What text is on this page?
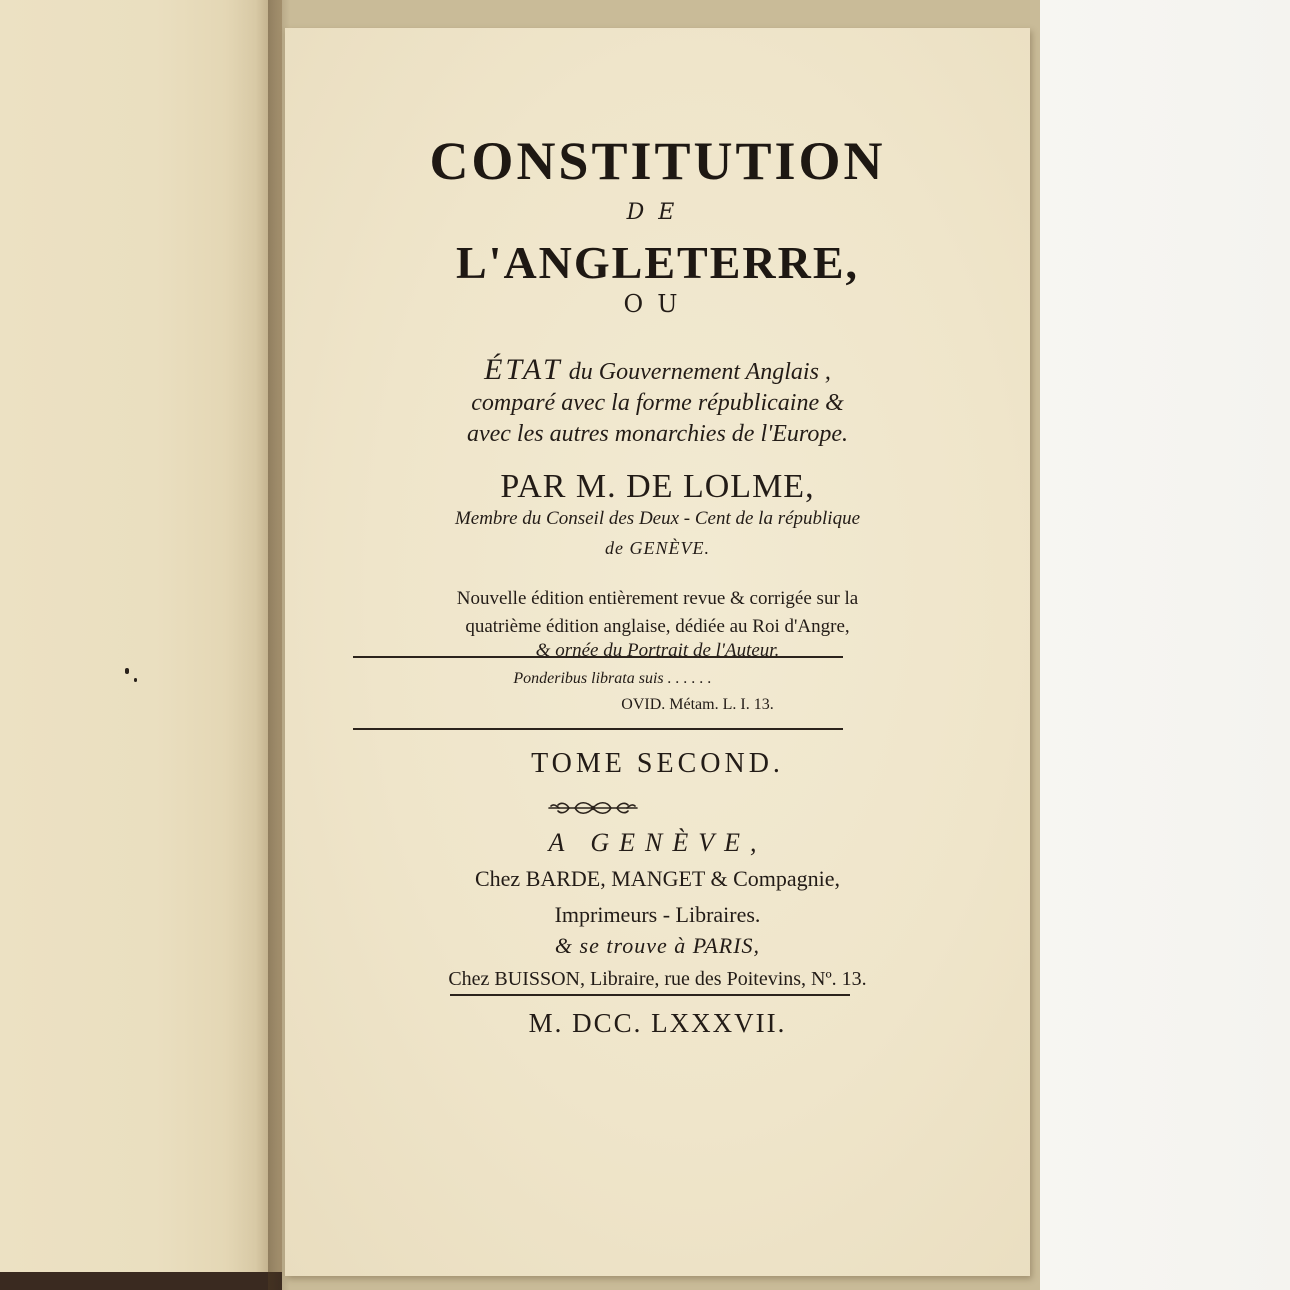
CONSTITUTION
DE
L'ANGLETERRE,
OU
ÉTAT du Gouvernement Anglais ,
comparé avec la forme républicaine &
avec les autres monarchies de l'Europe.
PAR M. DE LOLME,
Membre du Conseil des Deux - Cent de la république
de GENÈVE.
Nouvelle édition entièrement revue & corrigée sur la
quatrième édition anglaise, dédiée au Roi d'Angre,
& ornée du Portrait de l'Auteur.
Ponderibus librata suis . . . . . .
OVID. Métam. L. I. 13.
TOME SECOND.
A GENÈVE,
Chez BARDE, MANGET & Compagnie,
Imprimeurs - Libraires.
& se trouve à PARIS,
Chez BUISSON, Libraire, rue des Poitevins, Nº. 13.
M. DCC. LXXXVII.
